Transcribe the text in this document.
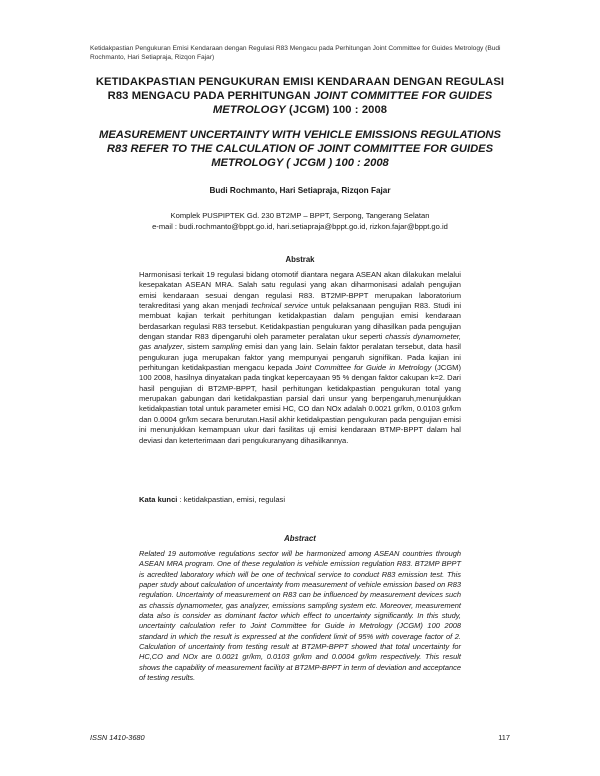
Ketidakpastian Pengukuran Emisi Kendaraan dengan Regulasi R83 Mengacu pada Perhitungan Joint Committee for Guides Metrology (Budi Rochmanto, Hari Setiapraja, Rizqon Fajar)
KETIDAKPASTIAN PENGUKURAN EMISI KENDARAAN DENGAN REGULASI R83 MENGACU PADA PERHITUNGAN JOINT COMMITTEE FOR GUIDES METROLOGY (JCGM) 100 : 2008
MEASUREMENT UNCERTAINTY WITH VEHICLE EMISSIONS REGULATIONS R83 REFER TO THE CALCULATION OF JOINT COMMITTEE FOR GUIDES METROLOGY ( JCGM ) 100 : 2008
Budi Rochmanto, Hari Setiapraja, Rizqon Fajar
Komplek PUSPIPTEK Gd. 230 BT2MP – BPPT, Serpong, Tangerang Selatan
e-mail : budi.rochmanto@bppt.go.id, hari.setiapraja@bppt.go.id, rizkon.fajar@bppt.go.id
Abstrak
Harmonisasi terkait 19 regulasi bidang otomotif diantara negara ASEAN akan dilakukan melalui kesepakatan ASEAN MRA. Salah satu regulasi yang akan diharmonisasi adalah pengujian emisi kendaraan sesuai dengan regulasi R83. BT2MP-BPPT merupakan laboratorium terakreditasi yang akan menjadi technical service untuk pelaksanaan pengujian R83. Studi ini membuat kajian terkait perhitungan ketidakpastian dalam pengujian emisi kendaraan berdasarkan regulasi R83 tersebut. Ketidakpastian pengukuran yang dihasilkan pada pengujian dengan standar R83 dipengaruhi oleh parameter peralatan ukur seperti chassis dynamometer, gas analyzer, sistem sampling emisi dan yang lain. Selain faktor peralatan tersebut, data hasil pengukuran juga merupakan faktor yang mempunyai pengaruh signifikan. Pada kajian ini perhitungan ketidakpastian mengacu kepada Joint Committee for Guide in Metrology (JCGM) 100 2008, hasilnya dinyatakan pada tingkat kepercayaan 95 % dengan faktor cakupan k=2. Dari hasil pengujian di BT2MP-BPPT, hasil perhitungan ketidakpastian pengukuran total yang merupakan gabungan dari ketidakpastian parsial dari unsur yang berpengaruh,menunjukkan ketidakpastian total untuk parameter emisi HC, CO dan NOx adalah 0.0021 gr/km, 0.0103 gr/km dan 0.0004 gr/km secara berurutan.Hasil akhir ketidakpastian pengukuran pada pengujian emisi ini menunjukkan kemampuan ukur dari fasilitas uji emisi kendaraan BTMP-BPPT dalam hal deviasi dan keterterimaan dari pengukuranyang dihasilkannya.
Kata kunci : ketidakpastian, emisi, regulasi
Abstract
Related 19 automotive regulations sector will be harmonized among ASEAN countries through ASEAN MRA program. One of these regulation is vehicle emission regulation R83. BT2MP BPPT is acredited laboratory which will be one of technical service to conduct R83 emission test. This paper study about calculation of uncertainty from measurement of vehicle emission based on R83 regulation. Uncertainty of measurement on R83 can be influenced by measurement devices such as chassis dynamometer, gas analyzer, emissions sampling system etc. Moreover, measurement data also is consider as dominant factor which effect to uncertainty significantly. In this study, uncertainty calculation refer to Joint Committee for Guide in Metrology (JCGM) 100 2008 standard in which the result is expressed at the confident limit of 95% with coverage factor of 2. Calculation of uncertainty from testing result at BT2MP-BPPT showed that total uncertainty for HC,CO and NOx are 0.0021 gr/km, 0.0103 gr/km and 0.0004 gr/km respectively. This result shows the capability of measurement facility at BT2MP-BPPT in term of deviation and acceptance of testing results.
ISSN 1410-3680	117
